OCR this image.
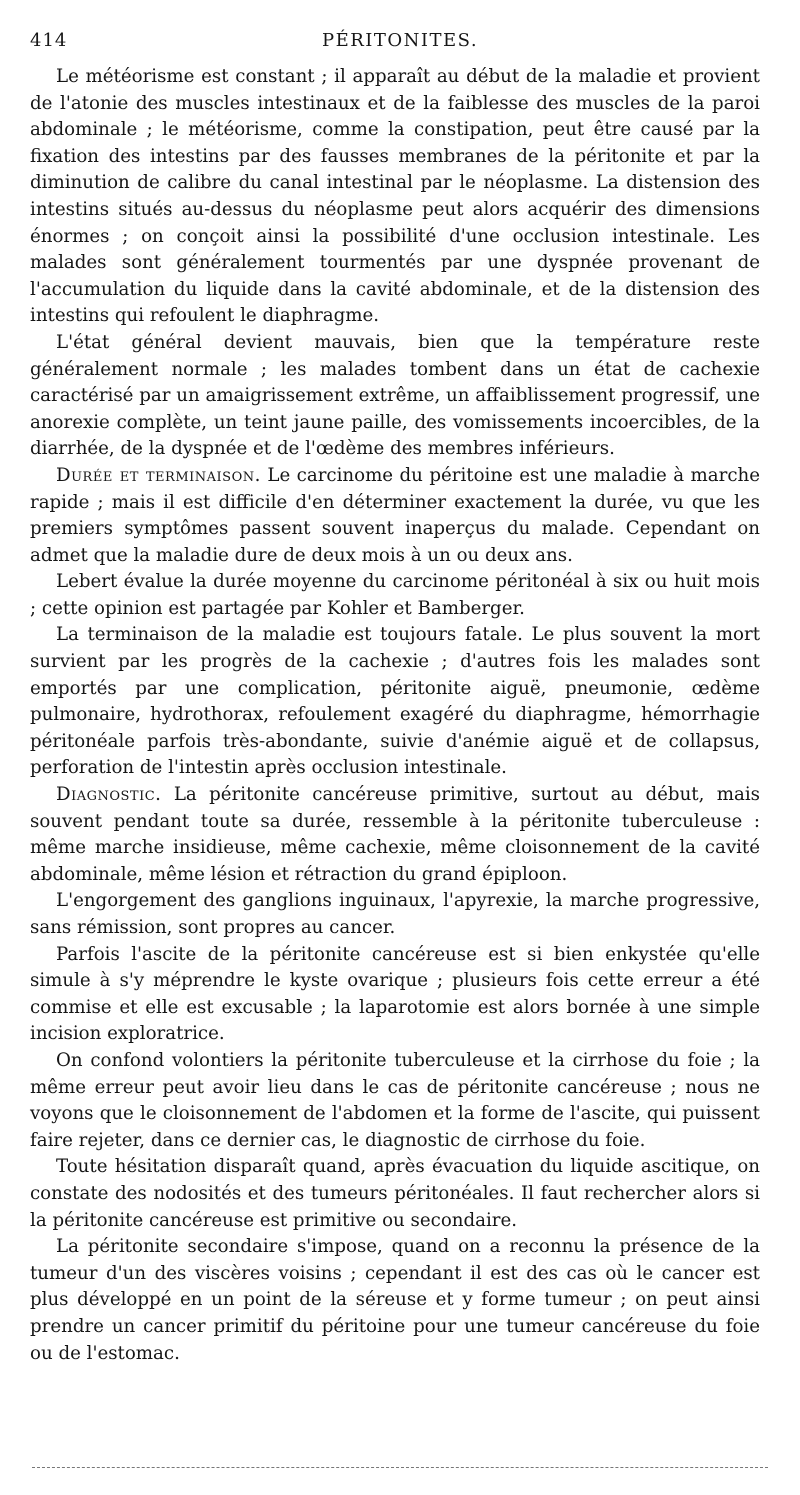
414	PÉRITONITES.

Le météorisme est constant ; il apparaît au début de la maladie et provient de l'atonie des muscles intestinaux et de la faiblesse des muscles de la paroi abdominale ; le météorisme, comme la constipation, peut être causé par la fixation des intestins par des fausses membranes de la péritonite et par la diminution de calibre du canal intestinal par le néoplasme. La distension des intestins situés au-dessus du néoplasme peut alors acquérir des dimensions énormes ; on conçoit ainsi la possibilité d'une occlusion intestinale. Les malades sont généralement tourmentés par une dyspnée provenant de l'accumulation du liquide dans la cavité abdominale, et de la distension des intestins qui refoulent le diaphragme.

L'état général devient mauvais, bien que la température reste généralement normale ; les malades tombent dans un état de cachexie caractérisé par un amaigrissement extrême, un affaiblissement progressif, une anorexie complète, un teint jaune paille, des vomissements incoercibles, de la diarrhée, de la dyspnée et de l'œdème des membres inférieurs.

Durée et terminaison. Le carcinome du péritoine est une maladie à marche rapide ; mais il est difficile d'en déterminer exactement la durée, vu que les premiers symptômes passent souvent inaperçus du malade. Cependant on admet que la maladie dure de deux mois à un ou deux ans.

Lebert évalue la durée moyenne du carcinome péritonéal à six ou huit mois ; cette opinion est partagée par Kohler et Bamberger.

La terminaison de la maladie est toujours fatale. Le plus souvent la mort survient par les progrès de la cachexie ; d'autres fois les malades sont emportés par une complication, péritonite aiguë, pneumonie, œdème pulmonaire, hydrothorax, refoulement exagéré du diaphragme, hémorrhagie péritonéale parfois très-abondante, suivie d'anémie aiguë et de collapsus, perforation de l'intestin après occlusion intestinale.

Diagnostic. La péritonite cancéreuse primitive, surtout au début, mais souvent pendant toute sa durée, ressemble à la péritonite tuberculeuse : même marche insidieuse, même cachexie, même cloisonnement de la cavité abdominale, même lésion et rétraction du grand épiploon.

L'engorgement des ganglions inguinaux, l'apyrexie, la marche progressive, sans rémission, sont propres au cancer.

Parfois l'ascite de la péritonite cancéreuse est si bien enkystée qu'elle simule à s'y méprendre le kyste ovarique ; plusieurs fois cette erreur a été commise et elle est excusable ; la laparotomie est alors bornée à une simple incision exploratrice.

On confond volontiers la péritonite tuberculeuse et la cirrhose du foie ; la même erreur peut avoir lieu dans le cas de péritonite cancéreuse ; nous ne voyons que le cloisonnement de l'abdomen et la forme de l'ascite, qui puissent faire rejeter, dans ce dernier cas, le diagnostic de cirrhose du foie.

Toute hésitation disparaît quand, après évacuation du liquide ascitique, on constate des nodosités et des tumeurs péritonéales. Il faut rechercher alors si la péritonite cancéreuse est primitive ou secondaire.

La péritonite secondaire s'impose, quand on a reconnu la présence de la tumeur d'un des viscères voisins ; cependant il est des cas où le cancer est plus développé en un point de la séreuse et y forme tumeur ; on peut ainsi prendre un cancer primitif du péritoine pour une tumeur cancéreuse du foie ou de l'estomac.
